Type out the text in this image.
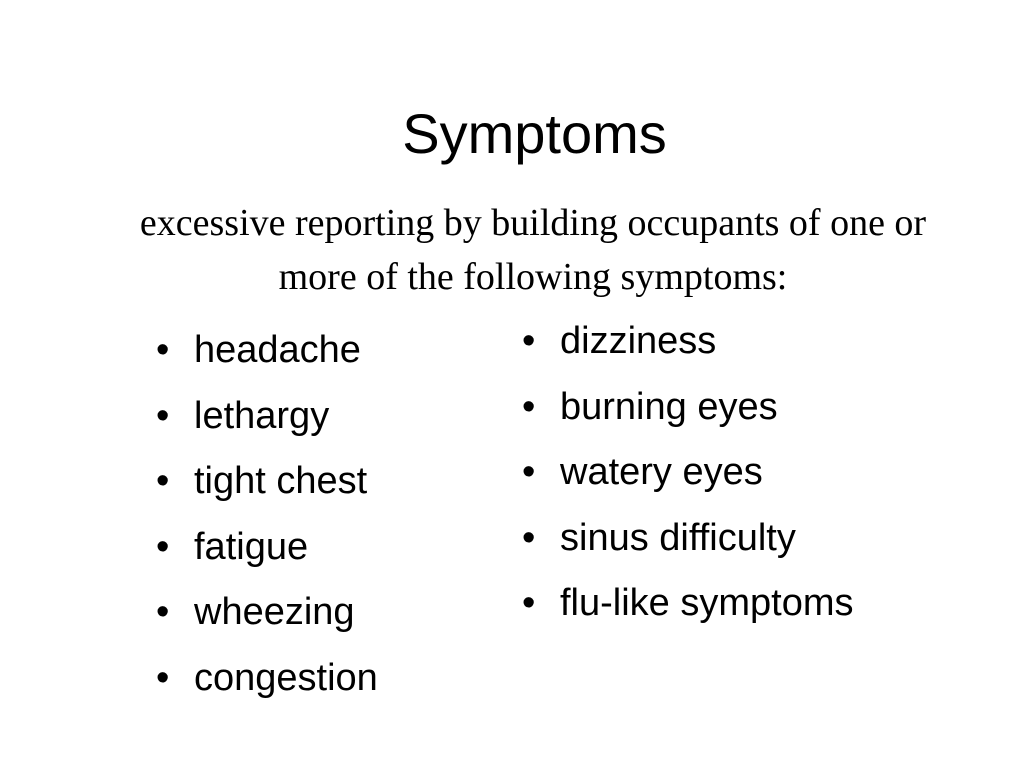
Symptoms

excessive reporting by building occupants of one or more of the following symptoms:

• headache
• lethargy
• tight chest
• fatigue
• wheezing
• congestion
• dizziness
• burning eyes
• watery eyes
• sinus difficulty
• flu-like symptoms
